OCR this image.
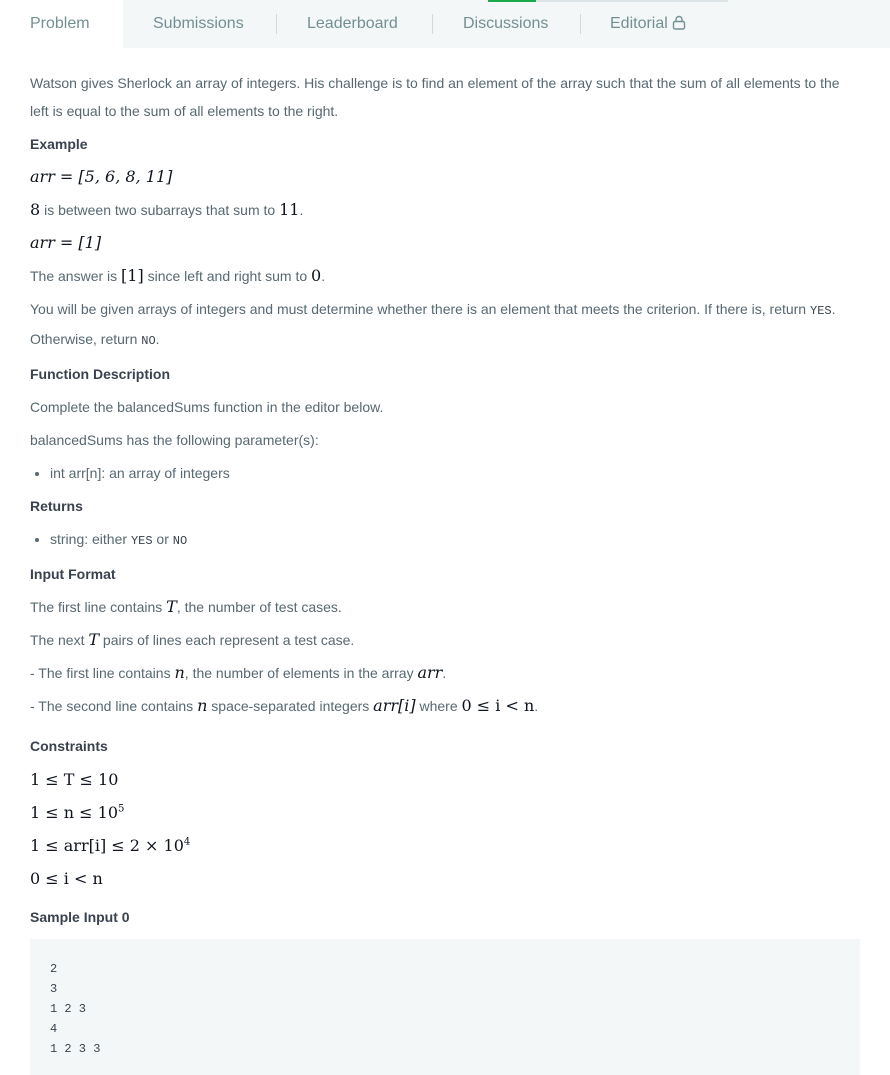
Problem	Submissions	Leaderboard	Discussions	Editorial

Watson gives Sherlock an array of integers. His challenge is to find an element of the array such that the sum of all elements to the left is equal to the sum of all elements to the right.

Example

arr = [5, 6, 8, 11]

8 is between two subarrays that sum to 11.

arr = [1]

The answer is [1] since left and right sum to 0.

You will be given arrays of integers and must determine whether there is an element that meets the criterion. If there is, return YES. Otherwise, return NO.

Function Description

Complete the balancedSums function in the editor below.

balancedSums has the following parameter(s):

• int arr[n]: an array of integers
Returns
• string: either YES or NO
Input Format

The first line contains T, the number of test cases.

The next T pairs of lines each represent a test case.

- The first line contains n, the number of elements in the array arr.

- The second line contains n space-separated integers arr[i] where 0 ≤ i < n.

Constraints

1 ≤ T ≤ 10

$1 \le n \le 10^5$

$1 \le arr[i] \le 2 \times 10^4$

0 ≤ i < n

Sample Input 0
2
3
1 2 3
4
1 2 3 3
